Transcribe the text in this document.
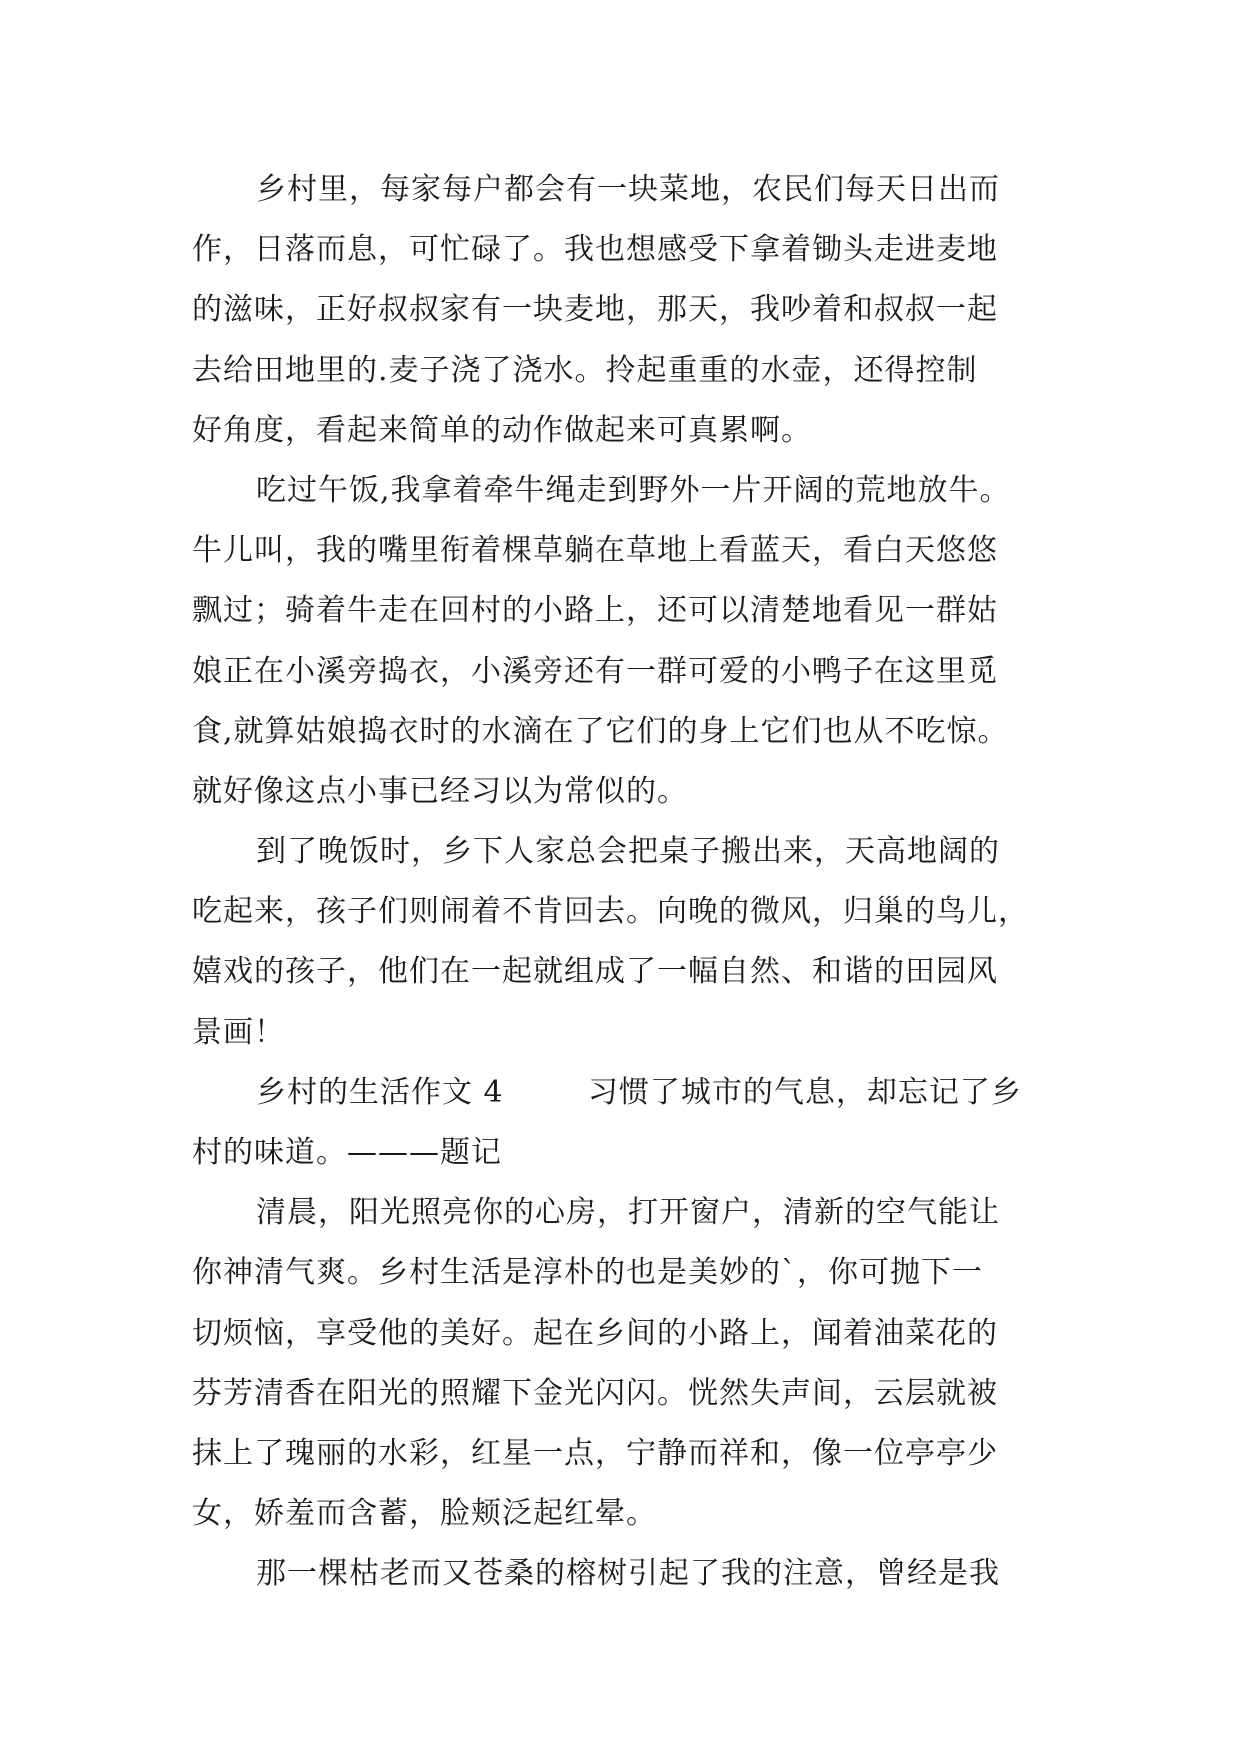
乡村里，每家每户都会有一块菜地，农民们每天日出而
作，日落而息，可忙碌了。我也想感受下拿着锄头走进麦地
的滋味，正好叔叔家有一块麦地，那天，我吵着和叔叔一起
去给田地里的.麦子浇了浇水。拎起重重的水壶，还得控制
好角度，看起来简单的动作做起来可真累啊。
吃过午饭,我拿着牵牛绳走到野外一片开阔的荒地放牛。
牛儿叫，我的嘴里衔着棵草躺在草地上看蓝天，看白天悠悠
飘过；骑着牛走在回村的小路上，还可以清楚地看见一群姑
娘正在小溪旁捣衣，小溪旁还有一群可爱的小鸭子在这里觅
食,就算姑娘捣衣时的水滴在了它们的身上它们也从不吃惊。
就好像这点小事已经习以为常似的。
到了晚饭时，乡下人家总会把桌子搬出来，天高地阔的
吃起来，孩子们则闹着不肯回去。向晚的微风，归巢的鸟儿，
嬉戏的孩子，他们在一起就组成了一幅自然、和谐的田园风
景画！
乡村的生活作文 4        习惯了城市的气息，却忘记了乡
村的味道。———题记
清晨，阳光照亮你的心房，打开窗户，清新的空气能让
你神清气爽。乡村生活是淳朴的也是美妙的`，你可抛下一
切烦恼，享受他的美好。起在乡间的小路上，闻着油菜花的
芬芳清香在阳光的照耀下金光闪闪。恍然失声间，云层就被
抹上了瑰丽的水彩，红星一点，宁静而祥和，像一位亭亭少
女，娇羞而含蓄，脸颊泛起红晕。
那一棵枯老而又苍桑的榕树引起了我的注意，曾经是我
